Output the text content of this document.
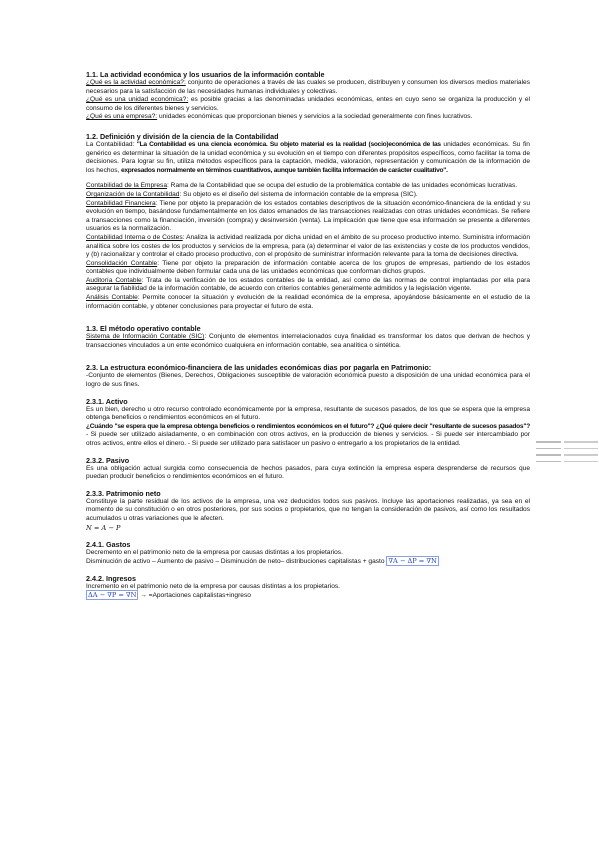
1.1. La actividad económica y los usuarios de la información contable

¿Qué es la actividad económica?: conjunto de operaciones a través de las cuales se producen, distribuyen y consumen los diversos medios materiales necesarios para la satisfacción de las necesidades humanas individuales y colectivas.

¿Qué es una unidad económica?: es posible gracias a las denominadas unidades económicas, entes en cuyo seno se organiza la producción y el consumo de los diferentes bienes y servicios.

¿Qué es una empresa?: unidades económicas que proporcionan bienes y servicios a la sociedad generalmente con fines lucrativos.

1.2. Definición y división de la ciencia de la Contabilidad

La Contabilidad: "La Contabilidad es una ciencia económica. Su objeto material es la realidad (socio)económica de las unidades económicas. Su fin genérico es determinar la situación de la unidad económica y su evolución en el tiempo con diferentes propósitos específicos, como facilitar la toma de decisiones. Para lograr su fin, utiliza métodos específicos para la captación, medida, valoración, representación y comunicación de la información de los hechos, expresados normalmente en términos cuantitativos, aunque también facilita información de carácter cualitativo".

Contabilidad de la Empresa: Rama de la Contabilidad que se ocupa del estudio de la problemática contable de las unidades económicas lucrativas.

Organización de la Contabilidad: Su objeto es el diseño del sistema de información contable de la empresa (SIC).

Contabilidad Financiera: Tiene por objeto la preparación de los estados contables descriptivos de la situación económico-financiera de la entidad y su evolución en tiempo, basándose fundamentalmente en los datos emanados de las transacciones realizadas con otras unidades económicas. Se refiere a transacciones como la financiación, inversión (compra) y desinversión (venta). La implicación que tiene que esa información se presente a diferentes usuarios es la normalización.

Contabilidad Interna o de Costes: Analiza la actividad realizada por dicha unidad en el ámbito de su proceso productivo interno. Suministra información analítica sobre los costes de los productos y servicios de la empresa, para (a) determinar el valor de las existencias y coste de los productos vendidos, y (b) racionalizar y controlar el citado proceso productivo, con el propósito de suministrar información relevante para la toma de decisiones directiva.

Consolidación Contable: Tiene por objeto la preparación de información contable acerca de los grupos de empresas, partiendo de los estados contables que individualmente deben formular cada una de las unidades económicas que conforman dichos grupos.

Auditoría Contable: Trata de la verificación de los estados contables de la entidad, así como de las normas de control implantadas por ella para asegurar la fiabilidad de la información contable, de acuerdo con criterios contables generalmente admitidos y la legislación vigente.

Análisis Contable: Permite conocer la situación y evolución de la realidad económica de la empresa, apoyándose básicamente en el estudio de la información contable, y obtener conclusiones para proyectar el futuro de esta.

1.3. El método operativo contable

Sistema de Información Contable (SIC): Conjunto de elementos interrelacionados cuya finalidad es transformar los datos que derivan de hechos y transacciones vinculados a un ente económico cualquiera en información contable, sea analítica o sintética.

2.3. La estructura económico-financiera de las unidades económicas dias por pagarla en Patrimonio:

-Conjunto de elementos (Bienes, Derechos, Obligaciones susceptible de valoración económica puesto a disposición de una unidad económica para el logro de sus fines.

2.3.1. Activo

Es un bien, derecho u otro recurso controlado económicamente por la empresa, resultante de sucesos pasados, de los que se espera que la empresa obtenga beneficios o rendimientos económicos en el futuro.

¿Cuándo "se espera que la empresa obtenga beneficios o rendimientos económicos en el futuro"? ¿Qué quiere decir "resultante de sucesos pasados"? - Si puede ser utilizado aisladamente, o en combinación con otros activos, en la producción de bienes y servicios. - Si puede ser intercambiado por otros activos, entre ellos el dinero. - Si puede ser utilizado para satisfacer un pasivo o entregarlo a los propietarios de la entidad.

2.3.2. Pasivo

Es una obligación actual surgida como consecuencia de hechos pasados, para cuya extinción la empresa espera desprenderse de recursos que puedan producir beneficios o rendimientos económicos en el futuro.

2.3.3. Patrimonio neto

Constituye la parte residual de los activos de la empresa, una vez deducidos todos sus pasivos. Incluye las aportaciones realizadas, ya sea en el momento de su constitución o en otros posteriores, por sus socios o propietarios, que no tengan la consideración de pasivos, así como los resultados acumulados u otras variaciones que le afecten.

N = A − P

2.4.1. Gastos

Decremento en el patrimonio neto de la empresa por causas distintas a los propietarios.

Disminución de activo – Aumento de pasivo – Disminución de neto– distribuciones capitalistas + gasto ∇A − ΔP = ∇N

2.4.2. Ingresos

Incremento en el patrimonio neto de la empresa por causas distintas a los propietarios.

ΔA − ∇P = ∇N → =Aportaciones capitalistas+ingreso
